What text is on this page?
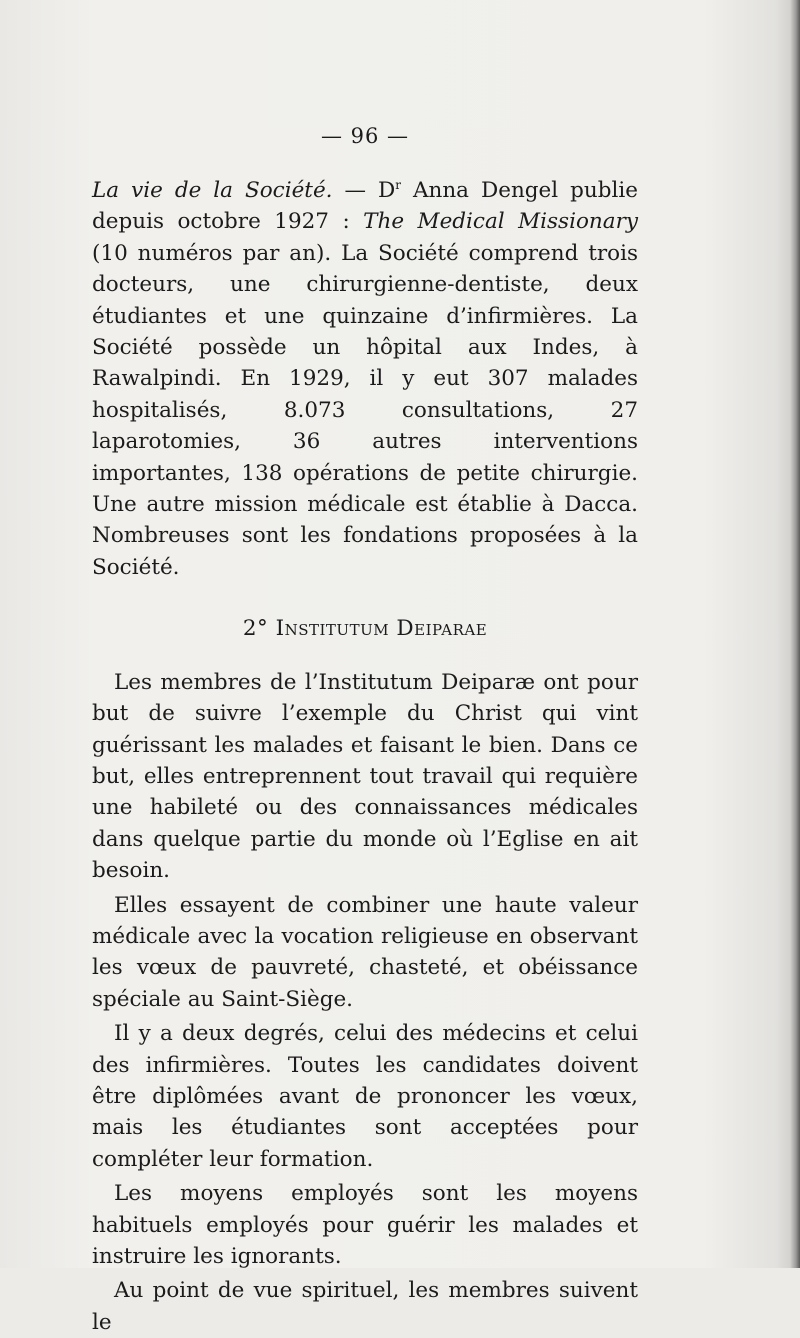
— 96 —

La vie de la Société. — $D^r$ Anna Dengel publie depuis octobre 1927 : The Medical Missionary (10 numéros par an). La Société comprend trois docteurs, une chirurgienne-dentiste, deux étudiantes et une quinzaine d’infirmières. La Société possède un hôpital aux Indes, à Rawalpindi. En 1929, il y eut 307 malades hospitalisés, 8.073 consultations, 27 laparotomies, 36 autres interventions importantes, 138 opérations de petite chirurgie. Une autre mission médicale est établie à Dacca. Nombreuses sont les fondations proposées à la Société.

2° Institutum Deiparae

Les membres de l’Institutum Deiparæ ont pour but de suivre l’exemple du Christ qui vint guérissant les malades et faisant le bien. Dans ce but, elles entreprennent tout travail qui requière une habileté ou des connaissances médicales dans quelque partie du monde où l’Eglise en ait besoin.

Elles essayent de combiner une haute valeur médicale avec la vocation religieuse en observant les vœux de pauvreté, chasteté, et obéissance spéciale au Saint-Siège.

Il y a deux degrés, celui des médecins et celui des infirmières. Toutes les candidates doivent être diplômées avant de prononcer les vœux, mais les étudiantes sont acceptées pour compléter leur formation.

Les moyens employés sont les moyens habituels employés pour guérir les malades et instruire les ignorants.

Au point de vue spirituel, les membres suivent le
